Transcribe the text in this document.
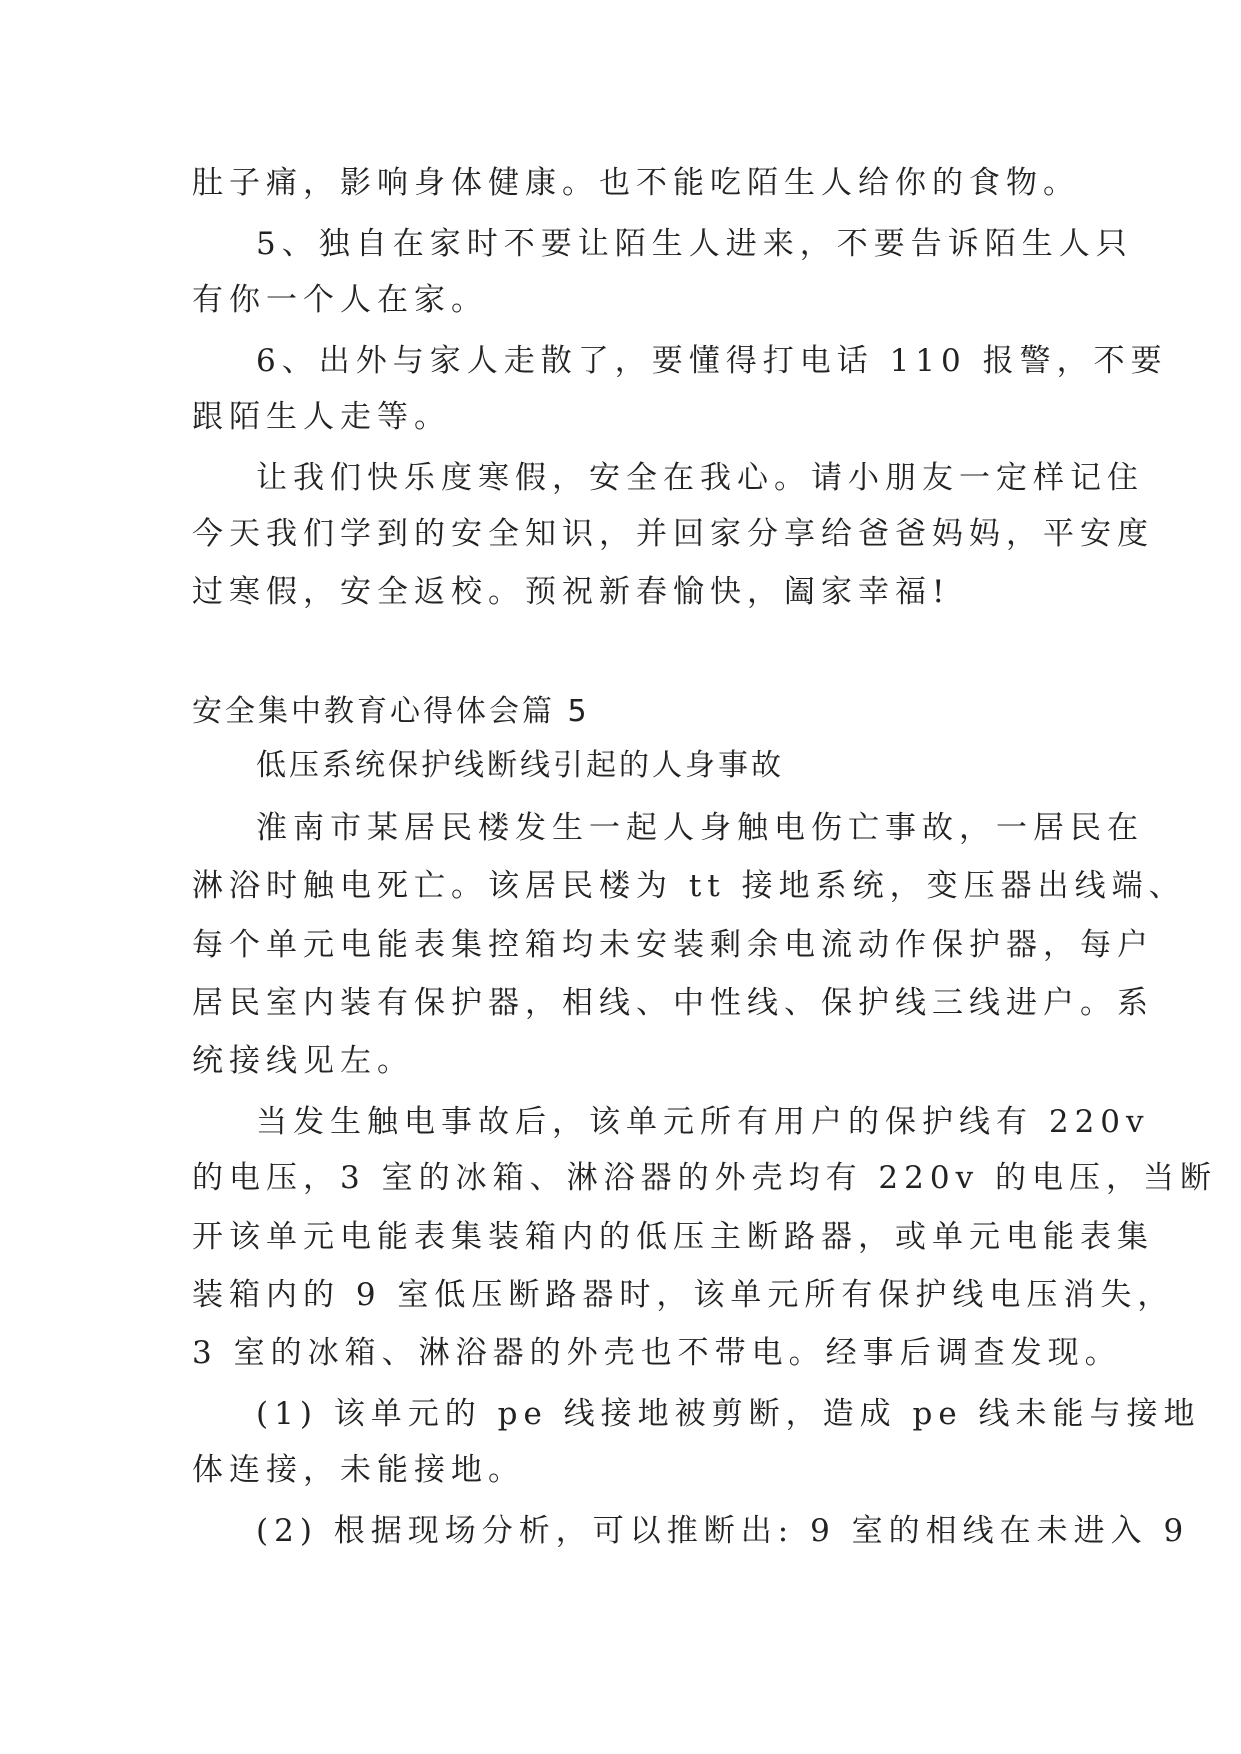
肚子痛，影响身体健康。也不能吃陌生人给你的食物。
5、独自在家时不要让陌生人进来，不要告诉陌生人只
有你一个人在家。
6、出外与家人走散了，要懂得打电话 110 报警，不要
跟陌生人走等。
让我们快乐度寒假，安全在我心。请小朋友一定样记住
今天我们学到的安全知识，并回家分享给爸爸妈妈，平安度
过寒假，安全返校。预祝新春愉快，阖家幸福!
安全集中教育心得体会篇 5
低压系统保护线断线引起的人身事故
淮南市某居民楼发生一起人身触电伤亡事故，一居民在
淋浴时触电死亡。该居民楼为 tt 接地系统，变压器出线端、
每个单元电能表集控箱均未安装剩余电流动作保护器，每户
居民室内装有保护器，相线、中性线、保护线三线进户。系
统接线见左。
当发生触电事故后，该单元所有用户的保护线有 220v
的电压，3 室的冰箱、淋浴器的外壳均有 220v 的电压，当断
开该单元电能表集装箱内的低压主断路器，或单元电能表集
装箱内的 9 室低压断路器时，该单元所有保护线电压消失，
3 室的冰箱、淋浴器的外壳也不带电。经事后调查发现。
(1) 该单元的 pe 线接地被剪断，造成 pe 线未能与接地
体连接，未能接地。
(2) 根据现场分析，可以推断出: 9 室的相线在未进入 9
